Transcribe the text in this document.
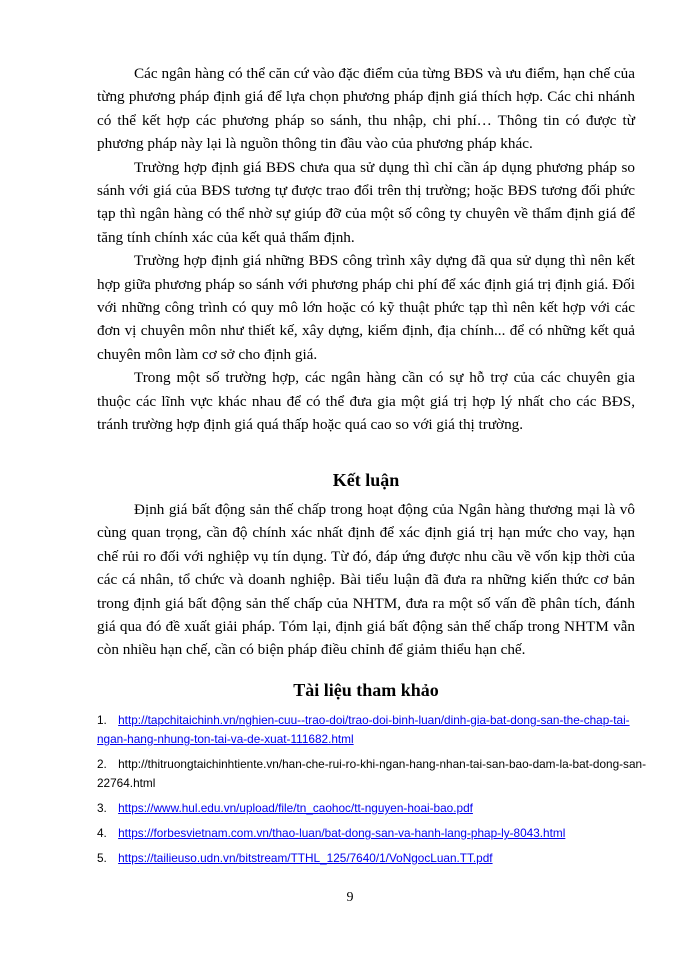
Các ngân hàng có thể căn cứ vào đặc điểm của từng BĐS và ưu điểm, hạn chế của từng phương pháp định giá để lựa chọn phương pháp định giá thích hợp. Các chi nhánh có thể kết hợp các phương pháp so sánh, thu nhập, chi phí… Thông tin có được từ phương pháp này lại là nguồn thông tin đầu vào của phương pháp khác.

Trường hợp định giá BĐS chưa qua sử dụng thì chỉ cần áp dụng phương pháp so sánh với giá của BĐS tương tự được trao đổi trên thị trường; hoặc BĐS tương đối phức tạp thì ngân hàng có thể nhờ sự giúp đỡ của một số công ty chuyên về thẩm định giá để tăng tính chính xác của kết quả thẩm định.

Trường hợp định giá những BĐS công trình xây dựng đã qua sử dụng thì nên kết hợp giữa phương pháp so sánh với phương pháp chi phí để xác định giá trị định giá. Đối với những công trình có quy mô lớn hoặc có kỹ thuật phức tạp thì nên kết hợp với các đơn vị chuyên môn như thiết kế, xây dựng, kiểm định, địa chính... để có những kết quả chuyên môn làm cơ sở cho định giá.

Trong một số trường hợp, các ngân hàng cần có sự hỗ trợ của các chuyên gia thuộc các lĩnh vực khác nhau để có thể đưa gia một giá trị hợp lý nhất cho các BĐS, tránh trường hợp định giá quá thấp hoặc quá cao so với giá thị trường.

Kết luận

Định giá bất động sản thế chấp trong hoạt động của Ngân hàng thương mại là vô cùng quan trọng, cần độ chính xác nhất định để xác định giá trị hạn mức cho vay, hạn chế rủi ro đối với nghiệp vụ tín dụng. Từ đó, đáp ứng được nhu cầu về vốn kịp thời của các cá nhân, tổ chức và doanh nghiệp. Bài tiểu luận đã đưa ra những kiến thức cơ bản trong định giá bất động sản thế chấp của NHTM, đưa ra một số vấn đề phân tích, đánh giá qua đó đề xuất giải pháp. Tóm lại, định giá bất động sản thế chấp trong NHTM vẫn còn nhiều hạn chế, cần có biện pháp điều chỉnh để giảm thiểu hạn chế.

Tài liệu tham khảo

1. http://tapchitaichinh.vn/nghien-cuu--trao-doi/trao-doi-binh-luan/dinh-gia-bat-dong-san-the-chap-tai-ngan-hang-nhung-ton-tai-va-de-xuat-111682.html

2. http://thitruongtaichinhtiente.vn/han-che-rui-ro-khi-ngan-hang-nhan-tai-san-bao-dam-la-bat-dong-san-22764.html

3. https://www.hul.edu.vn/upload/file/tn_caohoc/tt-nguyen-hoai-bao.pdf

4. https://forbesvietnam.com.vn/thao-luan/bat-dong-san-va-hanh-lang-phap-ly-8043.html

5. https://tailieuso.udn.vn/bitstream/TTHL_125/7640/1/VoNgocLuan.TT.pdf

9
